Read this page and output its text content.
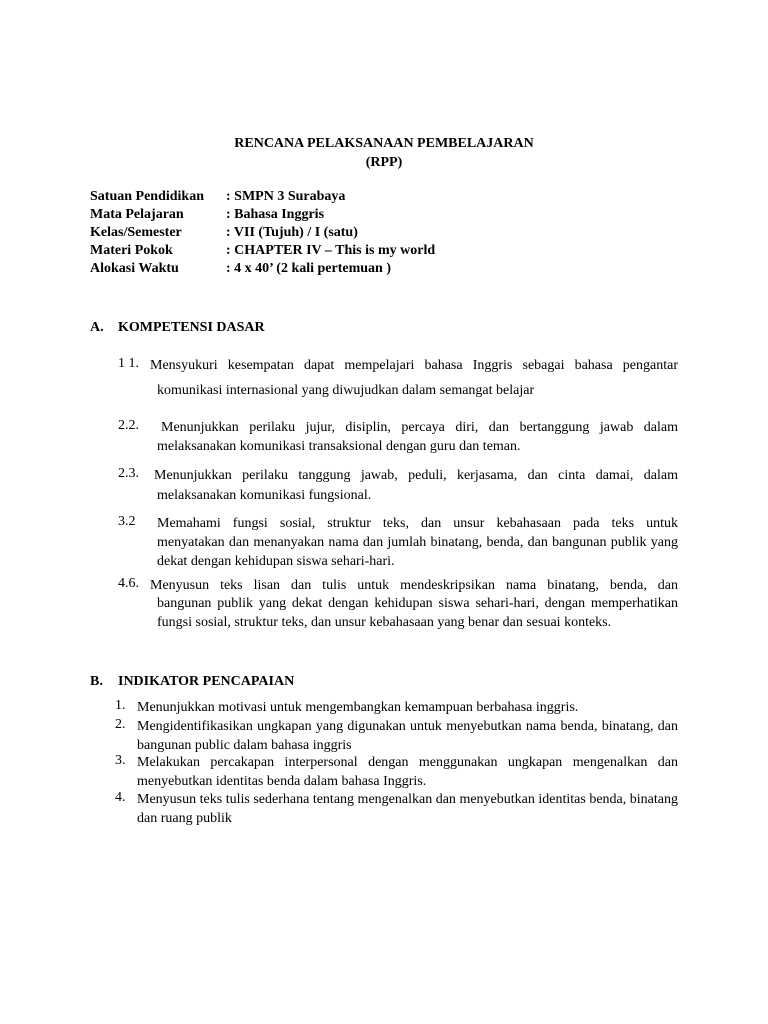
RENCANA PELAKSANAAN PEMBELAJARAN
(RPP)
Satuan Pendidikan : SMPN 3 Surabaya
Mata Pelajaran	: Bahasa Inggris
Kelas/Semester	: VII (Tujuh) / I (satu)
Materi Pokok	: CHAPTER IV – This is my world
Alokasi Waktu	: 4 x 40’ (2 kali pertemuan )
A. KOMPETENSI DASAR
1 1. Mensyukuri kesempatan dapat mempelajari bahasa Inggris sebagai bahasa pengantar
komunikasi internasional yang diwujudkan dalam semangat belajar
2.2. Menunjukkan perilaku jujur, disiplin, percaya diri, dan bertanggung jawab dalam
melaksanakan komunikasi transaksional dengan guru dan teman.
2.3. Menunjukkan perilaku tanggung jawab, peduli, kerjasama, dan cinta damai, dalam
melaksanakan komunikasi fungsional.
3.2 Memahami fungsi sosial, struktur teks, dan unsur kebahasaan pada teks untuk
menyatakan dan menanyakan nama dan jumlah binatang, benda, dan bangunan publik yang dekat dengan kehidupan siswa sehari-hari.
4.6. Menyusun teks lisan dan tulis untuk mendeskripsikan nama binatang, benda, dan
bangunan publik yang dekat dengan kehidupan siswa sehari-hari, dengan memperhatikan fungsi sosial, struktur teks, dan unsur kebahasaan yang benar dan sesuai konteks.
B. INDIKATOR PENCAPAIAN
1. Menunjukkan motivasi untuk mengembangkan kemampuan berbahasa inggris.
2. Mengidentifikasikan ungkapan yang digunakan untuk menyebutkan nama benda, binatang, dan bangunan public dalam bahasa inggris
3. Melakukan percakapan interpersonal dengan menggunakan ungkapan mengenalkan dan menyebutkan identitas benda dalam bahasa Inggris.
4. Menyusun teks tulis sederhana tentang mengenalkan dan menyebutkan identitas benda, binatang dan ruang publik
